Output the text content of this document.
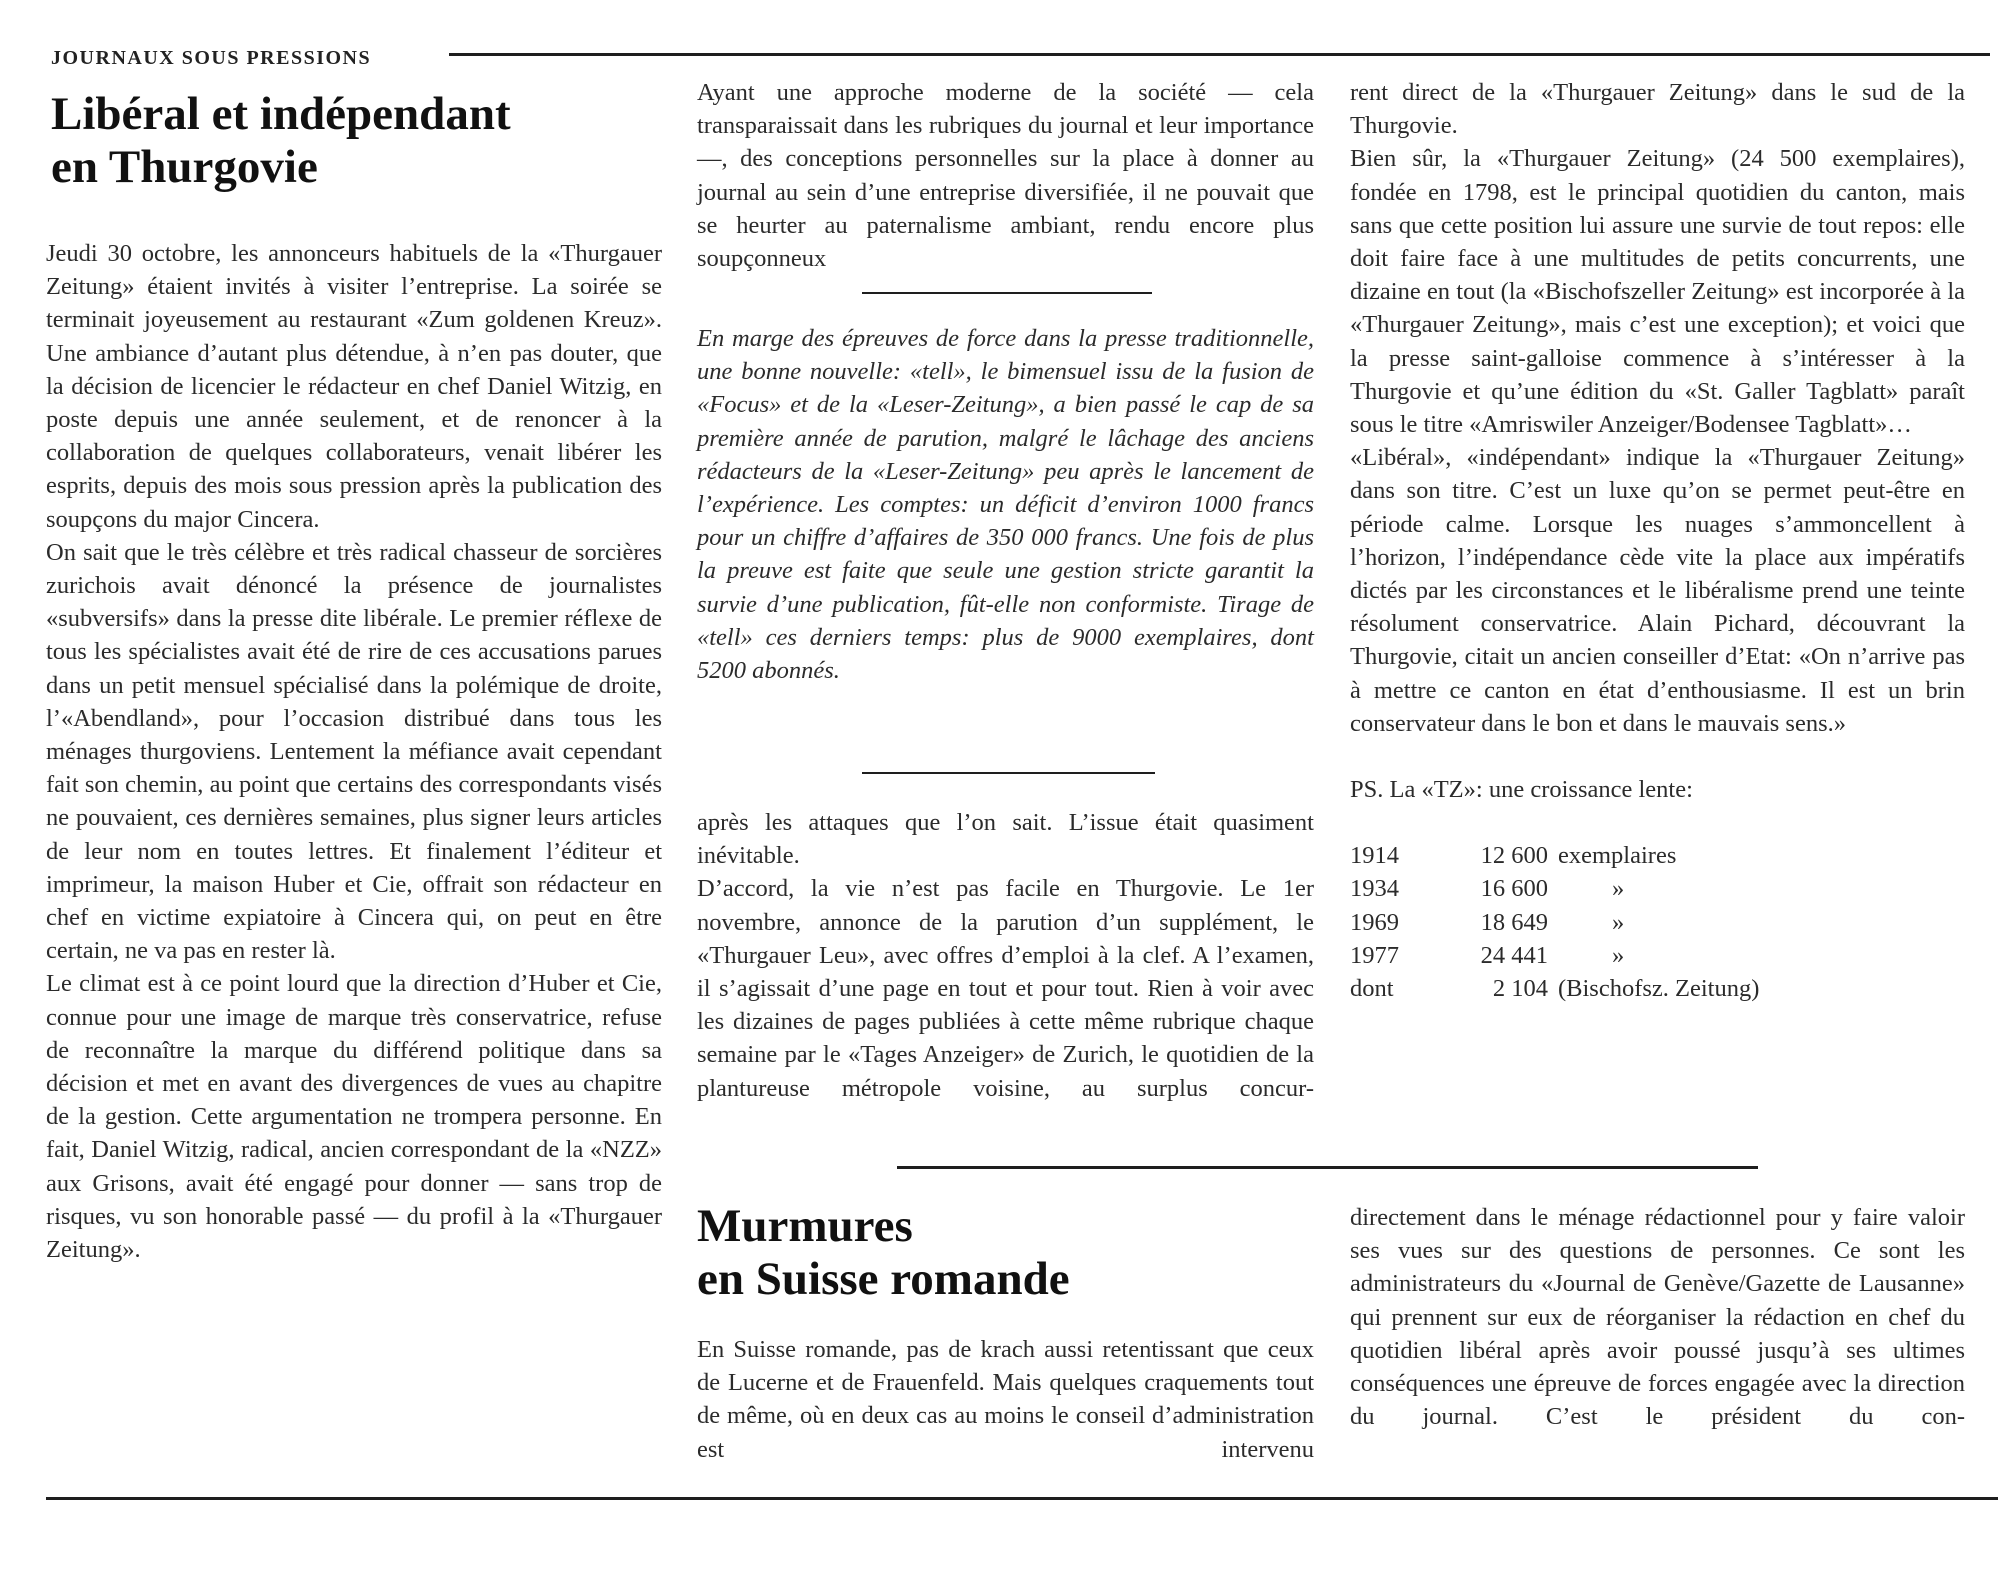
JOURNAUX SOUS PRESSIONS
Libéral et indépendant
en Thurgovie

Jeudi 30 octobre, les annonceurs habituels de la «Thurgauer Zeitung» étaient invités à visiter l’entreprise. La soirée se terminait joyeusement au restaurant «Zum goldenen Kreuz». Une ambiance d’autant plus détendue, à n’en pas douter, que la décision de licencier le rédacteur en chef Daniel Witzig, en poste depuis une année seulement, et de renoncer à la collaboration de quelques collaborateurs, venait libérer les esprits, depuis des mois sous pression après la publication des soupçons du major Cincera.

On sait que le très célèbre et très radical chasseur de sorcières zurichois avait dénoncé la présence de journalistes «subversifs» dans la presse dite libérale. Le premier réflexe de tous les spécialistes avait été de rire de ces accusations parues dans un petit mensuel spécialisé dans la polémique de droite, l’«Abendland», pour l’occasion distribué dans tous les ménages thurgoviens. Lentement la méfiance avait cependant fait son chemin, au point que certains des correspondants visés ne pouvaient, ces dernières semaines, plus signer leurs articles de leur nom en toutes lettres. Et finalement l’éditeur et imprimeur, la maison Huber et Cie, offrait son rédacteur en chef en victime expiatoire à Cincera qui, on peut en être certain, ne va pas en rester là.

Le climat est à ce point lourd que la direction d’Huber et Cie, connue pour une image de marque très conservatrice, refuse de reconnaître la marque du différend politique dans sa décision et met en avant des divergences de vues au chapitre de la gestion. Cette argumentation ne trompera personne. En fait, Daniel Witzig, radical, ancien correspondant de la «NZZ» aux Grisons, avait été engagé pour donner — sans trop de risques, vu son honorable passé — du profil à la «Thurgauer Zeitung».

Ayant une approche moderne de la société — cela transparaissait dans les rubriques du journal et leur importance —, des conceptions personnelles sur la place à donner au journal au sein d’une entreprise diversifiée, il ne pouvait que se heurter au paternalisme ambiant, rendu encore plus soupçonneux

En marge des épreuves de force dans la presse traditionnelle, une bonne nouvelle: «tell», le bimensuel issu de la fusion de «Focus» et de la «Leser-Zeitung», a bien passé le cap de sa première année de parution, malgré le lâchage des anciens rédacteurs de la «Leser-Zeitung» peu après le lancement de l’expérience. Les comptes: un déficit d’environ 1000 francs pour un chiffre d’affaires de 350 000 francs. Une fois de plus la preuve est faite que seule une gestion stricte garantit la survie d’une publication, fût-elle non conformiste. Tirage de «tell» ces derniers temps: plus de 9000 exemplaires, dont 5200 abonnés.

après les attaques que l’on sait. L’issue était quasiment inévitable.

D’accord, la vie n’est pas facile en Thurgovie. Le 1er novembre, annonce de la parution d’un supplément, le «Thurgauer Leu», avec offres d’emploi à la clef. A l’examen, il s’agissait d’une page en tout et pour tout. Rien à voir avec les dizaines de pages publiées à cette même rubrique chaque semaine par le «Tages Anzeiger» de Zurich, le quotidien de la plantureuse métropole voisine, au surplus concur-

rent direct de la «Thurgauer Zeitung» dans le sud de la Thurgovie.

Bien sûr, la «Thurgauer Zeitung» (24 500 exemplaires), fondée en 1798, est le principal quotidien du canton, mais sans que cette position lui assure une survie de tout repos: elle doit faire face à une multitudes de petits concurrents, une dizaine en tout (la «Bischofszeller Zeitung» est incorporée à la «Thurgauer Zeitung», mais c’est une exception); et voici que la presse saint-galloise commence à s’intéresser à la Thurgovie et qu’une édition du «St. Galler Tagblatt» paraît sous le titre «Amriswiler Anzeiger/Bodensee Tagblatt»…

«Libéral», «indépendant» indique la «Thurgauer Zeitung» dans son titre. C’est un luxe qu’on se permet peut-être en période calme. Lorsque les nuages s’ammoncellent à l’horizon, l’indépendance cède vite la place aux impératifs dictés par les circonstances et le libéralisme prend une teinte résolument conservatrice. Alain Pichard, découvrant la Thurgovie, citait un ancien conseiller d’Etat: «On n’arrive pas à mettre ce canton en état d’enthousiasme. Il est un brin conservateur dans le bon et dans le mauvais sens.»

PS. La «TZ»: une croissance lente:

1914	12 600	exemplaires
1934	16 600	»
1969	18 649	»
1977	24 441	»
dont	2 104	(Bischofsz. Zeitung)
Murmures
en Suisse romande

En Suisse romande, pas de krach aussi retentissant que ceux de Lucerne et de Frauenfeld. Mais quelques craquements tout de même, où en deux cas au moins le conseil d’administration est intervenu

directement dans le ménage rédactionnel pour y faire valoir ses vues sur des questions de personnes. Ce sont les administrateurs du «Journal de Genève/Gazette de Lausanne» qui prennent sur eux de réorganiser la rédaction en chef du quotidien libéral après avoir poussé jusqu’à ses ultimes conséquences une épreuve de forces engagée avec la direction du journal. C’est le président du con-
